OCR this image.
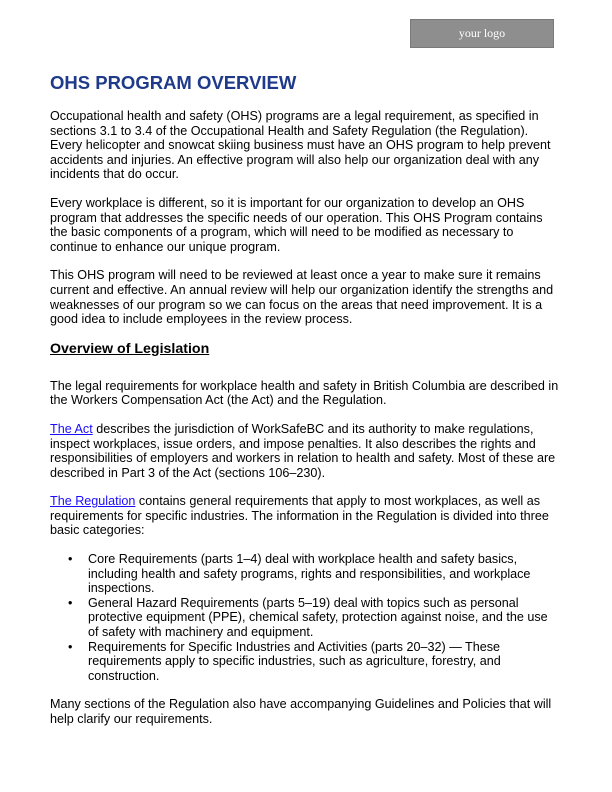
your logo
OHS PROGRAM OVERVIEW

Occupational health and safety (OHS) programs are a legal requirement, as specified in sections 3.1 to 3.4 of the Occupational Health and Safety Regulation (the Regulation). Every helicopter and snowcat skiing business must have an OHS program to help prevent accidents and injuries. An effective program will also help our organization deal with any incidents that do occur.

Every workplace is different, so it is important for our organization to develop an OHS program that addresses the specific needs of our operation. This OHS Program contains the basic components of a program, which will need to be modified as necessary to continue to enhance our unique program.

This OHS program will need to be reviewed at least once a year to make sure it remains current and effective. An annual review will help our organization identify the strengths and weaknesses of our program so we can focus on the areas that need improvement. It is a good idea to include employees in the review process.

Overview of Legislation

The legal requirements for workplace health and safety in British Columbia are described in the Workers Compensation Act (the Act) and the Regulation.

The Act describes the jurisdiction of WorkSafeBC and its authority to make regulations, inspect workplaces, issue orders, and impose penalties. It also describes the rights and responsibilities of employers and workers in relation to health and safety. Most of these are described in Part 3 of the Act (sections 106–230).

The Regulation contains general requirements that apply to most workplaces, as well as requirements for specific industries. The information in the Regulation is divided into three basic categories:

• Core Requirements (parts 1–4) deal with workplace health and safety basics, including health and safety programs, rights and responsibilities, and workplace inspections.
• General Hazard Requirements (parts 5–19) deal with topics such as personal protective equipment (PPE), chemical safety, protection against noise, and the use of safety with machinery and equipment.
• Requirements for Specific Industries and Activities (parts 20–32) — These requirements apply to specific industries, such as agriculture, forestry, and construction.

Many sections of the Regulation also have accompanying Guidelines and Policies that will help clarify our requirements.
